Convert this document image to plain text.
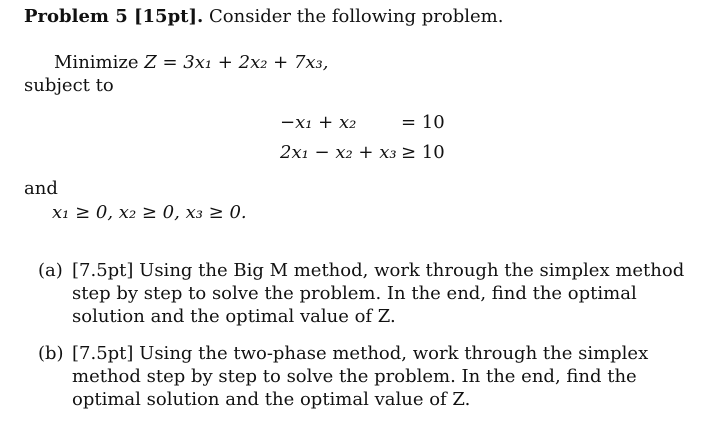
Problem 5 [15pt]. Consider the following problem.
Minimize Z = 3x₁ + 2x₂ + 7x₃,
subject to
−x₁ + x₂ = 10
2x₁ − x₂ + x₃ ≥ 10
and
x₁ ≥ 0, x₂ ≥ 0, x₃ ≥ 0.
(a) [7.5pt] Using the Big M method, work through the simplex method step by step to solve the problem. In the end, find the optimal solution and the optimal value of Z.
(b) [7.5pt] Using the two-phase method, work through the simplex method step by step to solve the problem. In the end, find the optimal solution and the optimal value of Z.
